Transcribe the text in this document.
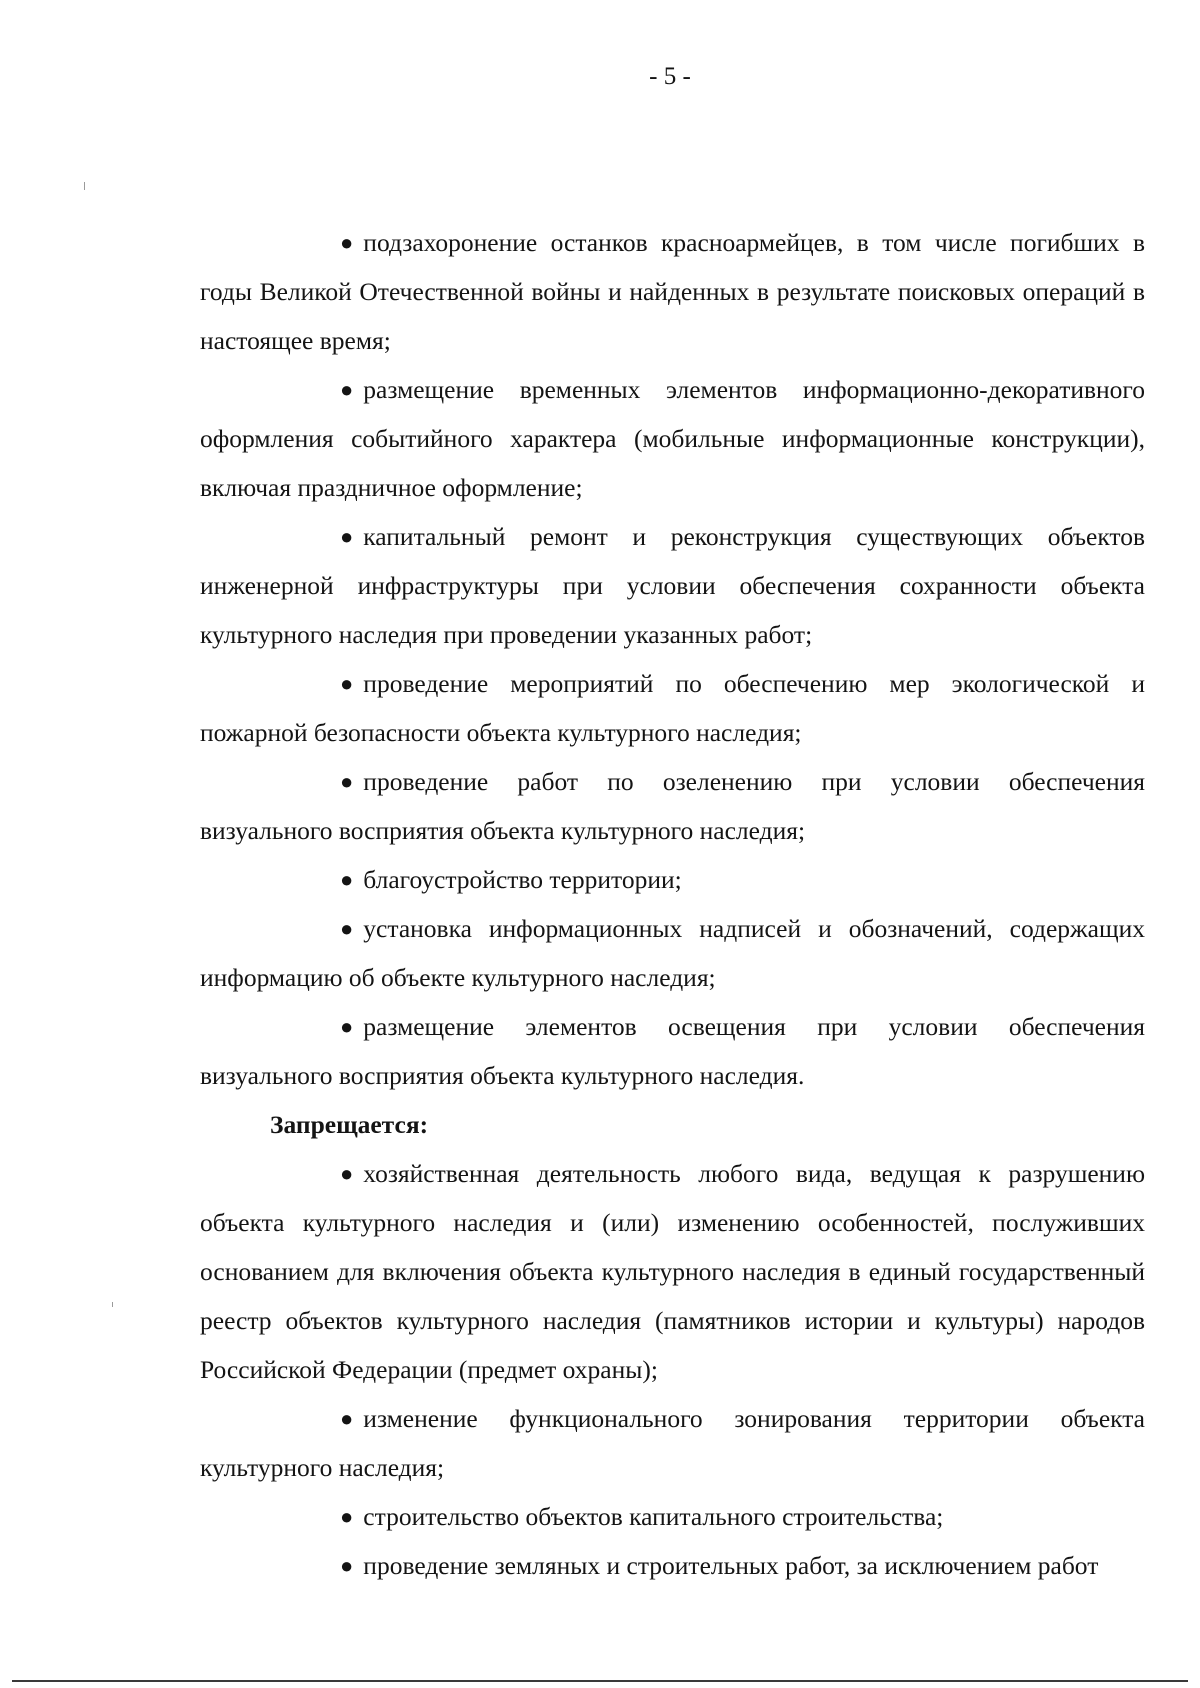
- 5 -

● подзахоронение останков красноармейцев, в том числе погибших в годы Великой Отечественной войны и найденных в результате поисковых операций в настоящее время;

● размещение временных элементов информационно-декоративного оформления событийного характера (мобильные информационные конструкции), включая праздничное оформление;

● капитальный ремонт и реконструкция существующих объектов инженерной инфраструктуры при условии обеспечения сохранности объекта культурного наследия при проведении указанных работ;

● проведение мероприятий по обеспечению мер экологической и пожарной безопасности объекта культурного наследия;

● проведение работ по озеленению при условии обеспечения визуального восприятия объекта культурного наследия;

● благоустройство территории;

● установка информационных надписей и обозначений, содержащих информацию об объекте культурного наследия;

● размещение элементов освещения при условии обеспечения визуального восприятия объекта культурного наследия.

Запрещается:

● хозяйственная деятельность любого вида, ведущая к разрушению объекта культурного наследия и (или) изменению особенностей, послуживших основанием для включения объекта культурного наследия в единый государственный реестр объектов культурного наследия (памятников истории и культуры) народов Российской Федерации (предмет охраны);

● изменение функционального зонирования территории объекта культурного наследия;

● строительство объектов капитального строительства;

● проведение земляных и строительных работ, за исключением работ
